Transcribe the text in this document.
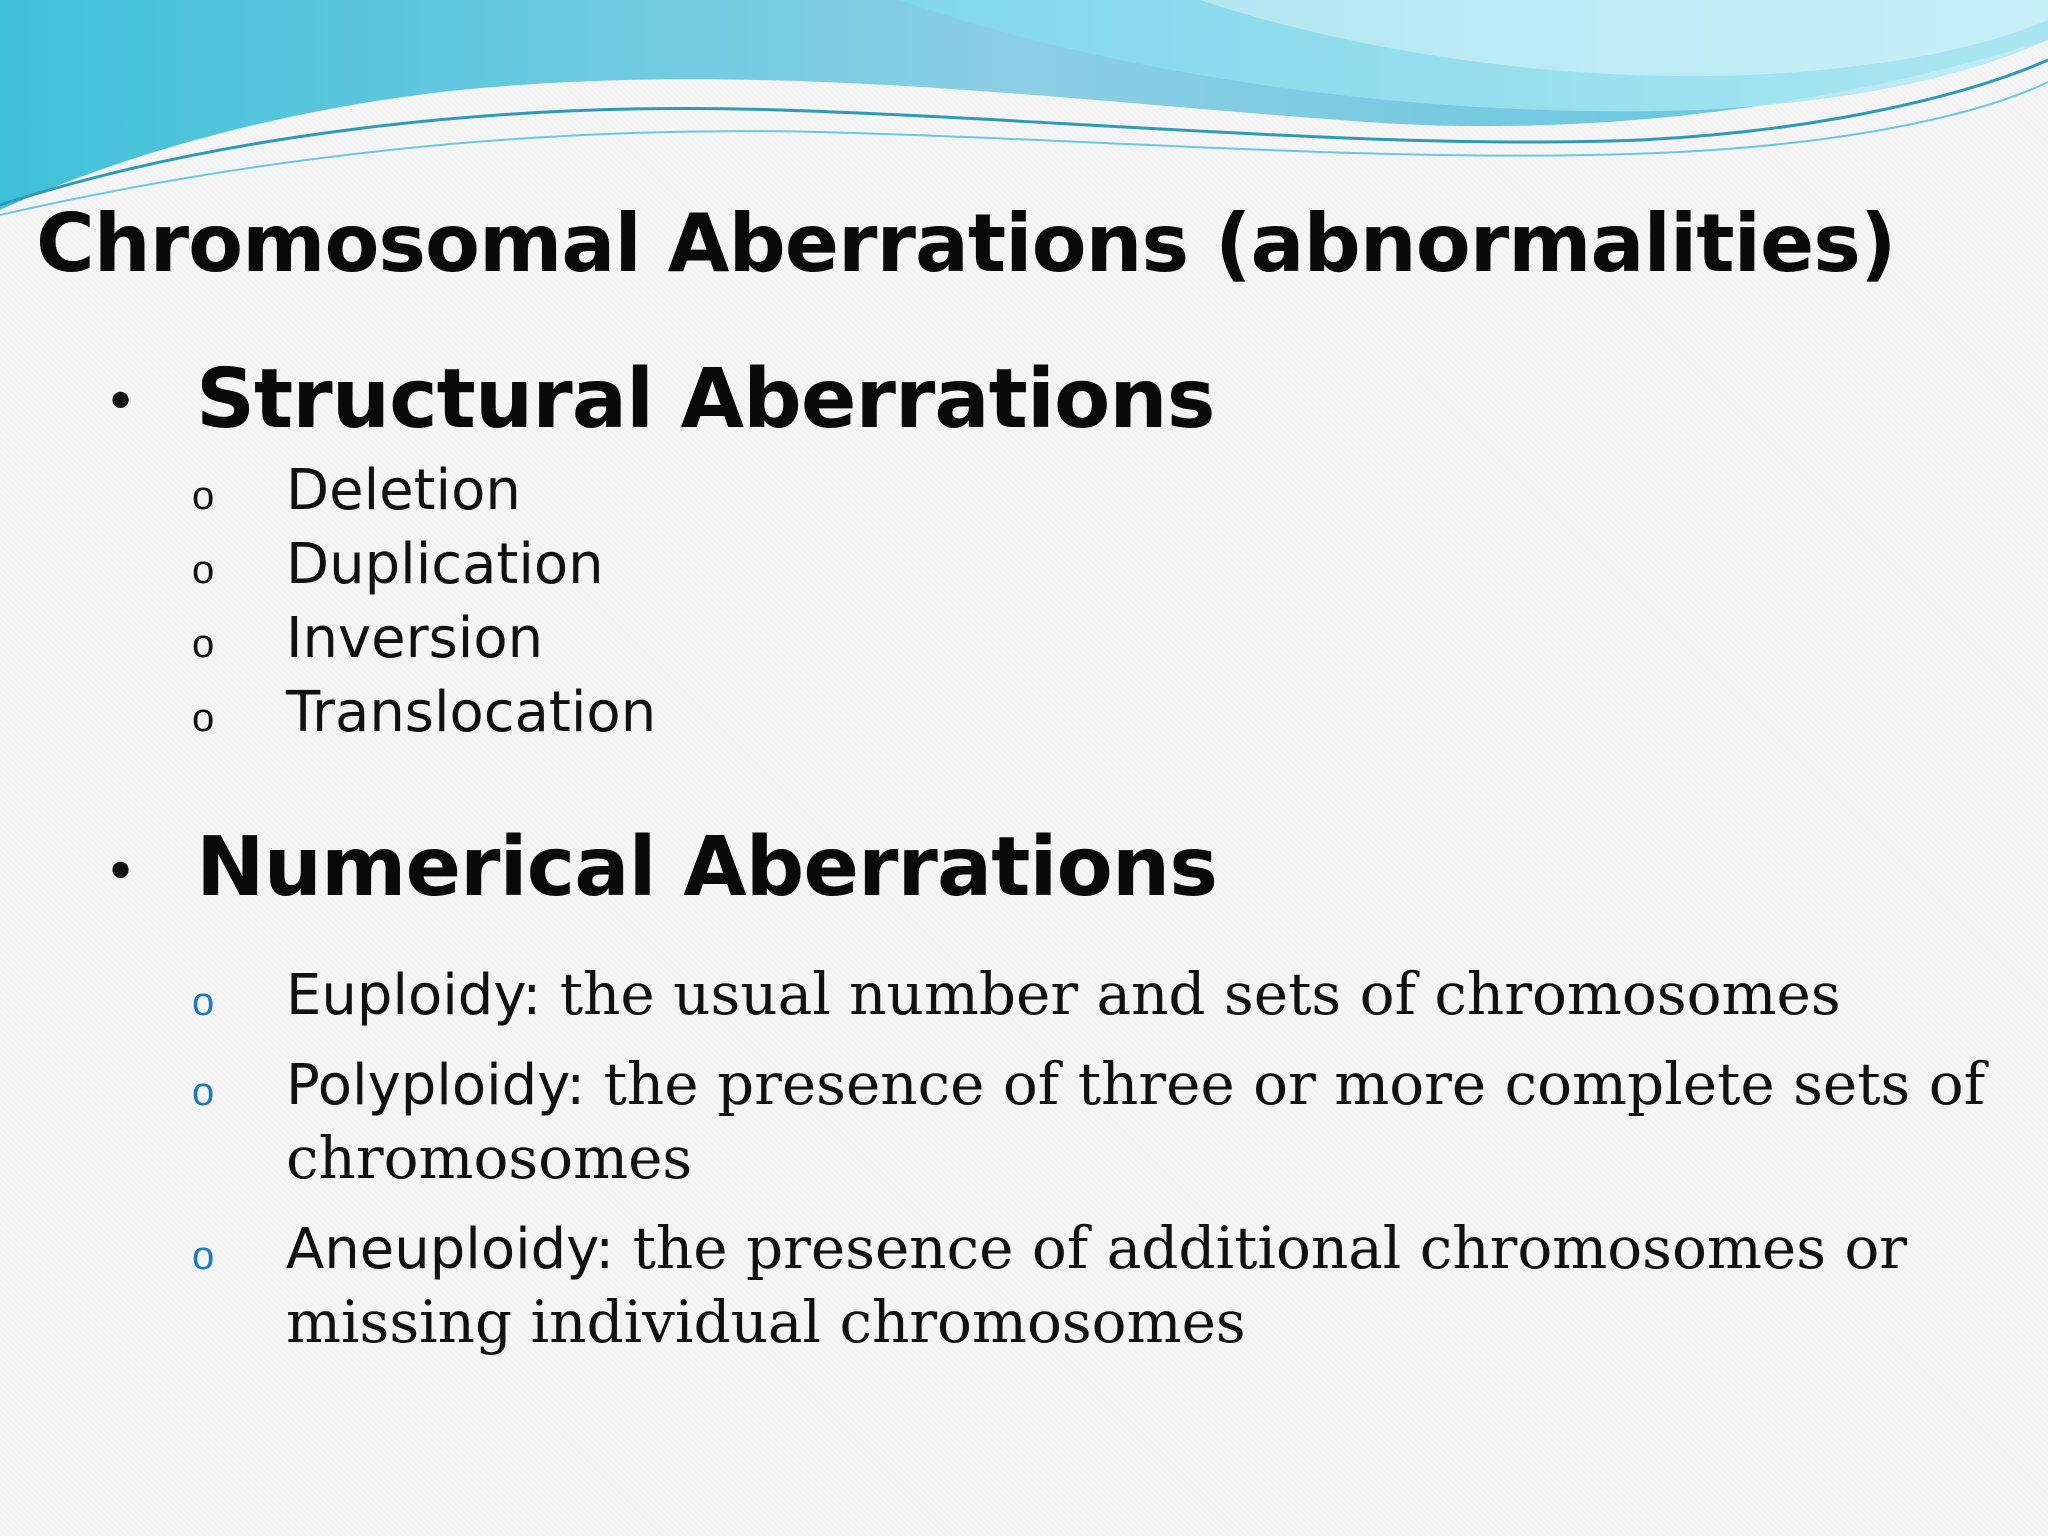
Chromosomal Aberrations (abnormalities)
• Structural Aberrations
o Deletion
o Duplication
o Inversion
o Translocation
• Numerical Aberrations
o Euploidy: the usual number and sets of chromosomes
o Polyploidy: the presence of three or more complete sets of chromosomes
o Aneuploidy: the presence of additional chromosomes or missing individual chromosomes
